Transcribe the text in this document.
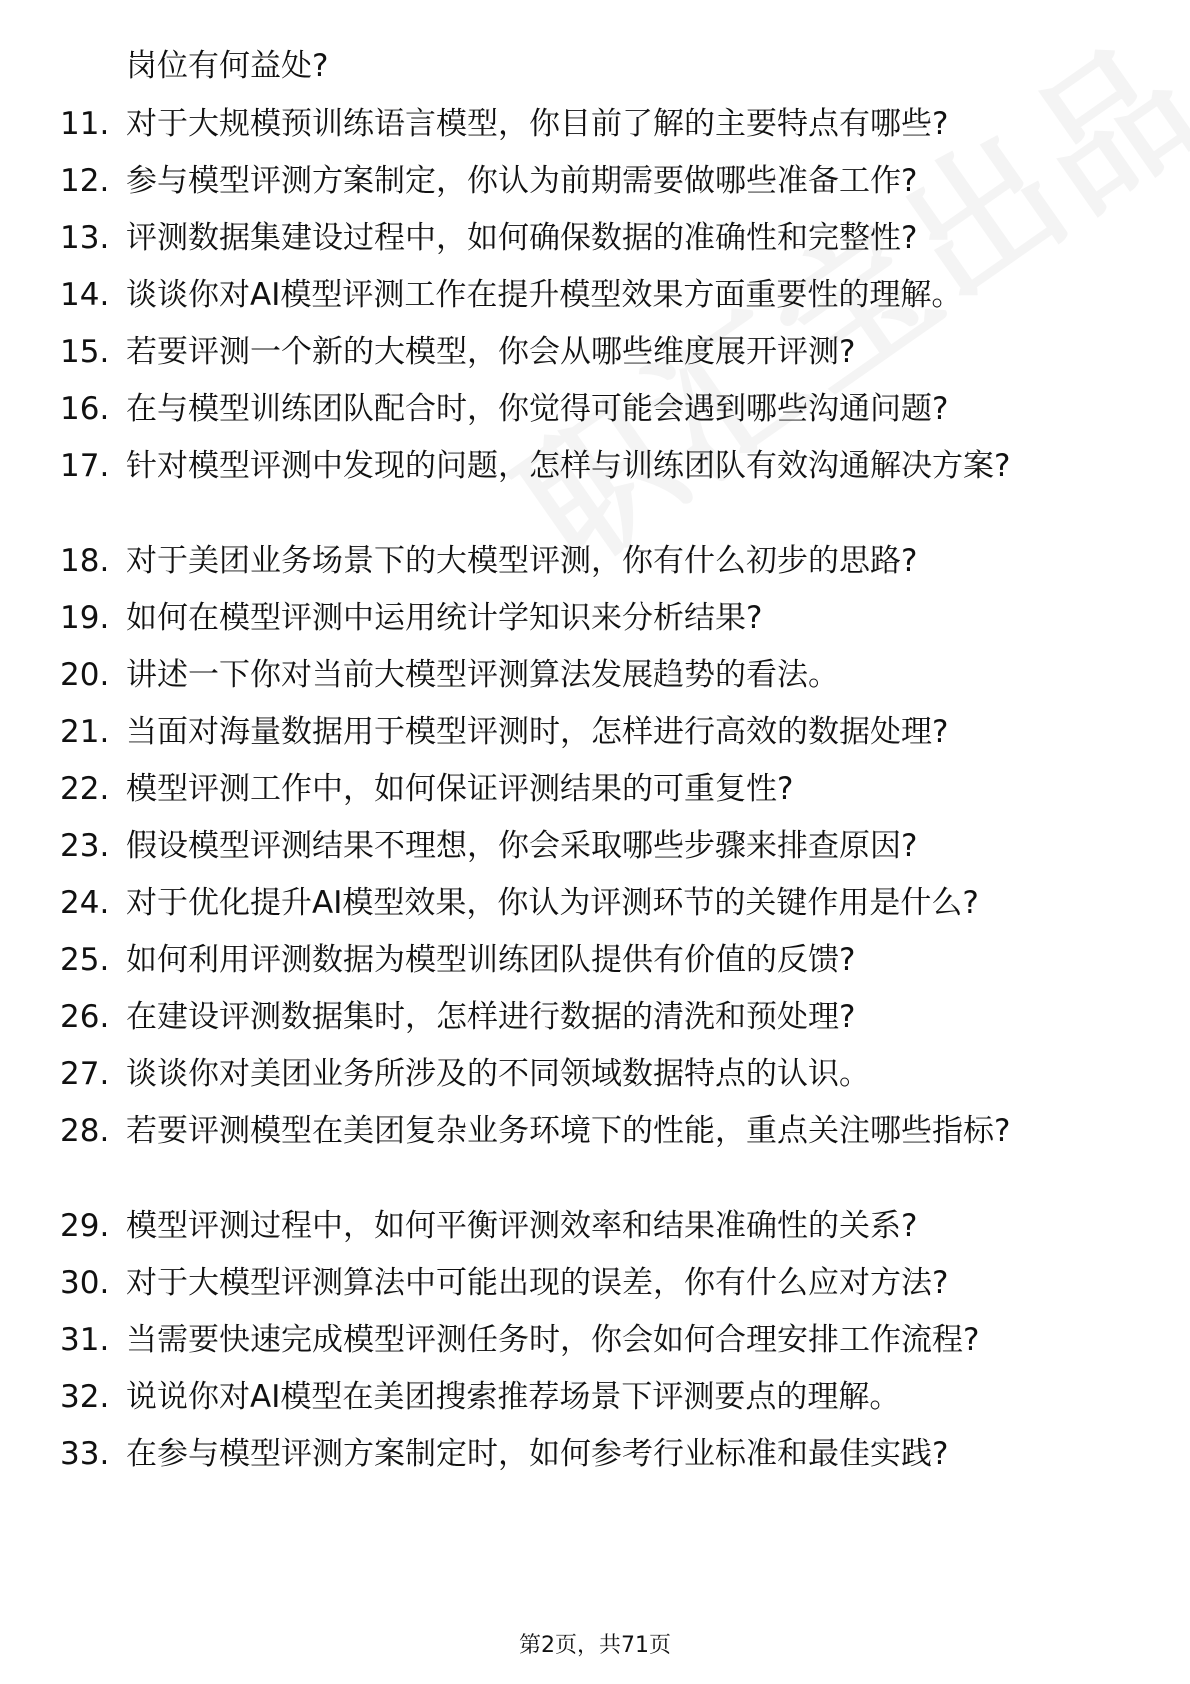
岗位有何益处?
11. 对于大规模预训练语言模型，你目前了解的主要特点有哪些?
12. 参与模型评测方案制定，你认为前期需要做哪些准备工作?
13. 评测数据集建设过程中，如何确保数据的准确性和完整性?
14. 谈谈你对AI模型评测工作在提升模型效果方面重要性的理解。
15. 若要评测一个新的大模型，你会从哪些维度展开评测?
16. 在与模型训练团队配合时，你觉得可能会遇到哪些沟通问题?
17. 针对模型评测中发现的问题，怎样与训练团队有效沟通解决方案?
18. 对于美团业务场景下的大模型评测，你有什么初步的思路?
19. 如何在模型评测中运用统计学知识来分析结果?
20. 讲述一下你对当前大模型评测算法发展趋势的看法。
21. 当面对海量数据用于模型评测时，怎样进行高效的数据处理?
22. 模型评测工作中，如何保证评测结果的可重复性?
23. 假设模型评测结果不理想，你会采取哪些步骤来排查原因?
24. 对于优化提升AI模型效果，你认为评测环节的关键作用是什么?
25. 如何利用评测数据为模型训练团队提供有价值的反馈?
26. 在建设评测数据集时，怎样进行数据的清洗和预处理?
27. 谈谈你对美团业务所涉及的不同领域数据特点的认识。
28. 若要评测模型在美团复杂业务环境下的性能，重点关注哪些指标?
29. 模型评测过程中，如何平衡评测效率和结果准确性的关系?
30. 对于大模型评测算法中可能出现的误差，你有什么应对方法?
31. 当需要快速完成模型评测任务时，你会如何合理安排工作流程?
32. 说说你对AI模型在美团搜索推荐场景下评测要点的理解。
33. 在参与模型评测方案制定时，如何参考行业标准和最佳实践?
第2页，共71页
